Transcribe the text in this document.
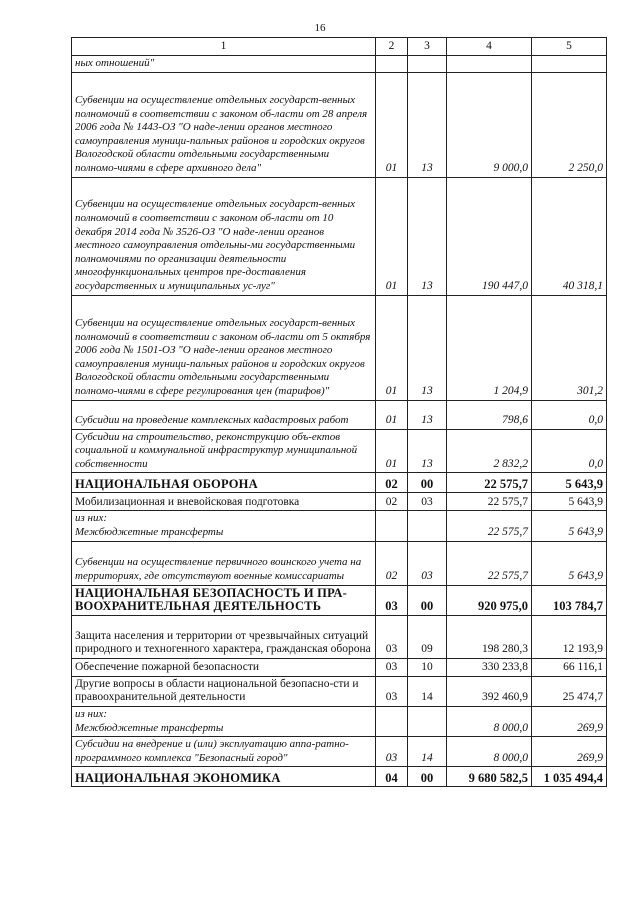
16
1	2	3	4	5
ных отношений"				
Субвенции на осуществление отдельных государст-венных полномочий в соответствии с законом об-ласти от 28 апреля 2006 года № 1443-ОЗ "О наде-лении органов местного самоуправления муници-пальных районов и городских округов Вологодской области отдельными государственными полномо-чиями в сфере архивного дела"	01	13	9 000,0	2 250,0
Субвенции на осуществление отдельных государст-венных полномочий в соответствии с законом об-ласти от 10 декабря 2014 года № 3526-ОЗ "О наде-лении органов местного самоуправления отдельны-ми государственными полномочиями по организации деятельности многофункциональных центров пре-доставления государственных и муниципальных ус-луг"	01	13	190 447,0	40 318,1
Субвенции на осуществление отдельных государст-венных полномочий в соответствии с законом об-ласти от 5 октября 2006 года № 1501-ОЗ "О наде-лении органов местного самоуправления муници-пальных районов и городских округов Вологодской области отдельными государственными полномо-чиями в сфере регулирования цен (тарифов)"	01	13	1 204,9	301,2
Субсидии на проведение комплексных кадастровых работ	01	13	798,6	0,0
Субсидии на строительство, реконструкцию объ-ектов социальной и коммунальной инфраструктур муниципальной собственности	01	13	2 832,2	0,0
НАЦИОНАЛЬНАЯ ОБОРОНА	02	00	22 575,7	5 643,9
Мобилизационная и вневойсковая подготовка	02	03	22 575,7	5 643,9

из них:
Межбюджетные трансферты			22 575,7	5 643,9
Субвенции на осуществление первичного воинского учета на территориях, где отсутствуют военные комиссариаты	02	03	22 575,7	5 643,9
НАЦИОНАЛЬНАЯ БЕЗОПАСНОСТЬ И ПРА-ВООХРАНИТЕЛЬНАЯ ДЕЯТЕЛЬНОСТЬ	03	00	920 975,0	103 784,7
Защита населения и территории от чрезвычайных ситуаций природного и техногенного характера, гражданская оборона	03	09	198 280,3	12 193,9
Обеспечение пожарной безопасности	03	10	330 233,8	66 116,1
Другие вопросы в области национальной безопасно-сти и правоохранительной деятельности	03	14	392 460,9	25 474,7

из них:
Межбюджетные трансферты			8 000,0	269,9
Субсидии на внедрение и (или) эксплуатацию аппа-ратно-программного комплекса "Безопасный город"	03	14	8 000,0	269,9
НАЦИОНАЛЬНАЯ ЭКОНОМИКА	04	00	9 680 582,5	1 035 494,4
